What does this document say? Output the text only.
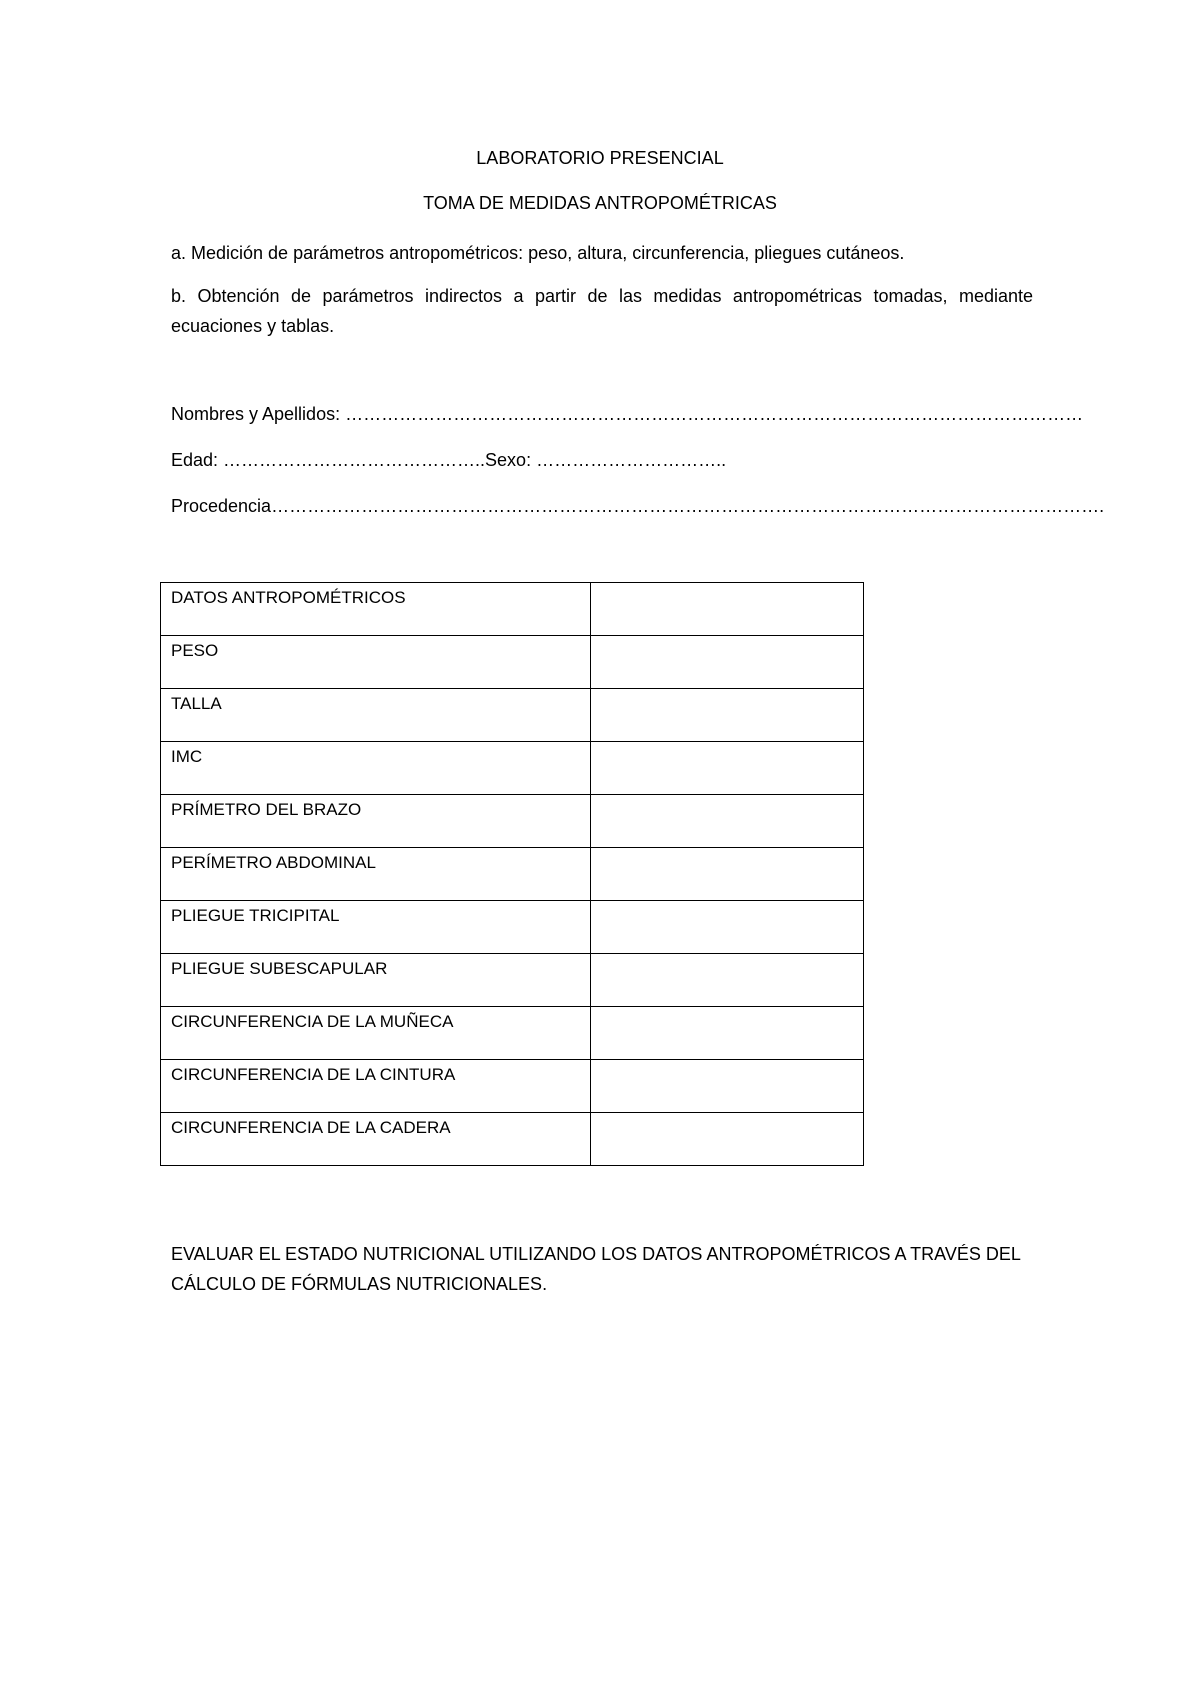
LABORATORIO PRESENCIAL
TOMA DE MEDIDAS ANTROPOMÉTRICAS
a. Medición de parámetros antropométricos: peso, altura, circunferencia, pliegues cutáneos.
b. Obtención de parámetros indirectos a partir de las medidas antropométricas tomadas, mediante ecuaciones y tablas.
Nombres y Apellidos: ……………………………………………………………………………………………………………
Edad: ……………………………………..Sexo: …………………………..
Procedencia………………………………………………………………………………………………………………………….
DATOS ANTROPOMÉTRICOS	
PESO	
TALLA	
IMC	
PRÍMETRO DEL BRAZO	
PERÍMETRO ABDOMINAL	
PLIEGUE TRICIPITAL	
PLIEGUE SUBESCAPULAR	
CIRCUNFERENCIA DE LA MUÑECA	
CIRCUNFERENCIA DE LA CINTURA	
CIRCUNFERENCIA DE LA CADERA	
EVALUAR EL ESTADO NUTRICIONAL UTILIZANDO LOS DATOS ANTROPOMÉTRICOS A TRAVÉS DEL CÁLCULO DE FÓRMULAS NUTRICIONALES.
